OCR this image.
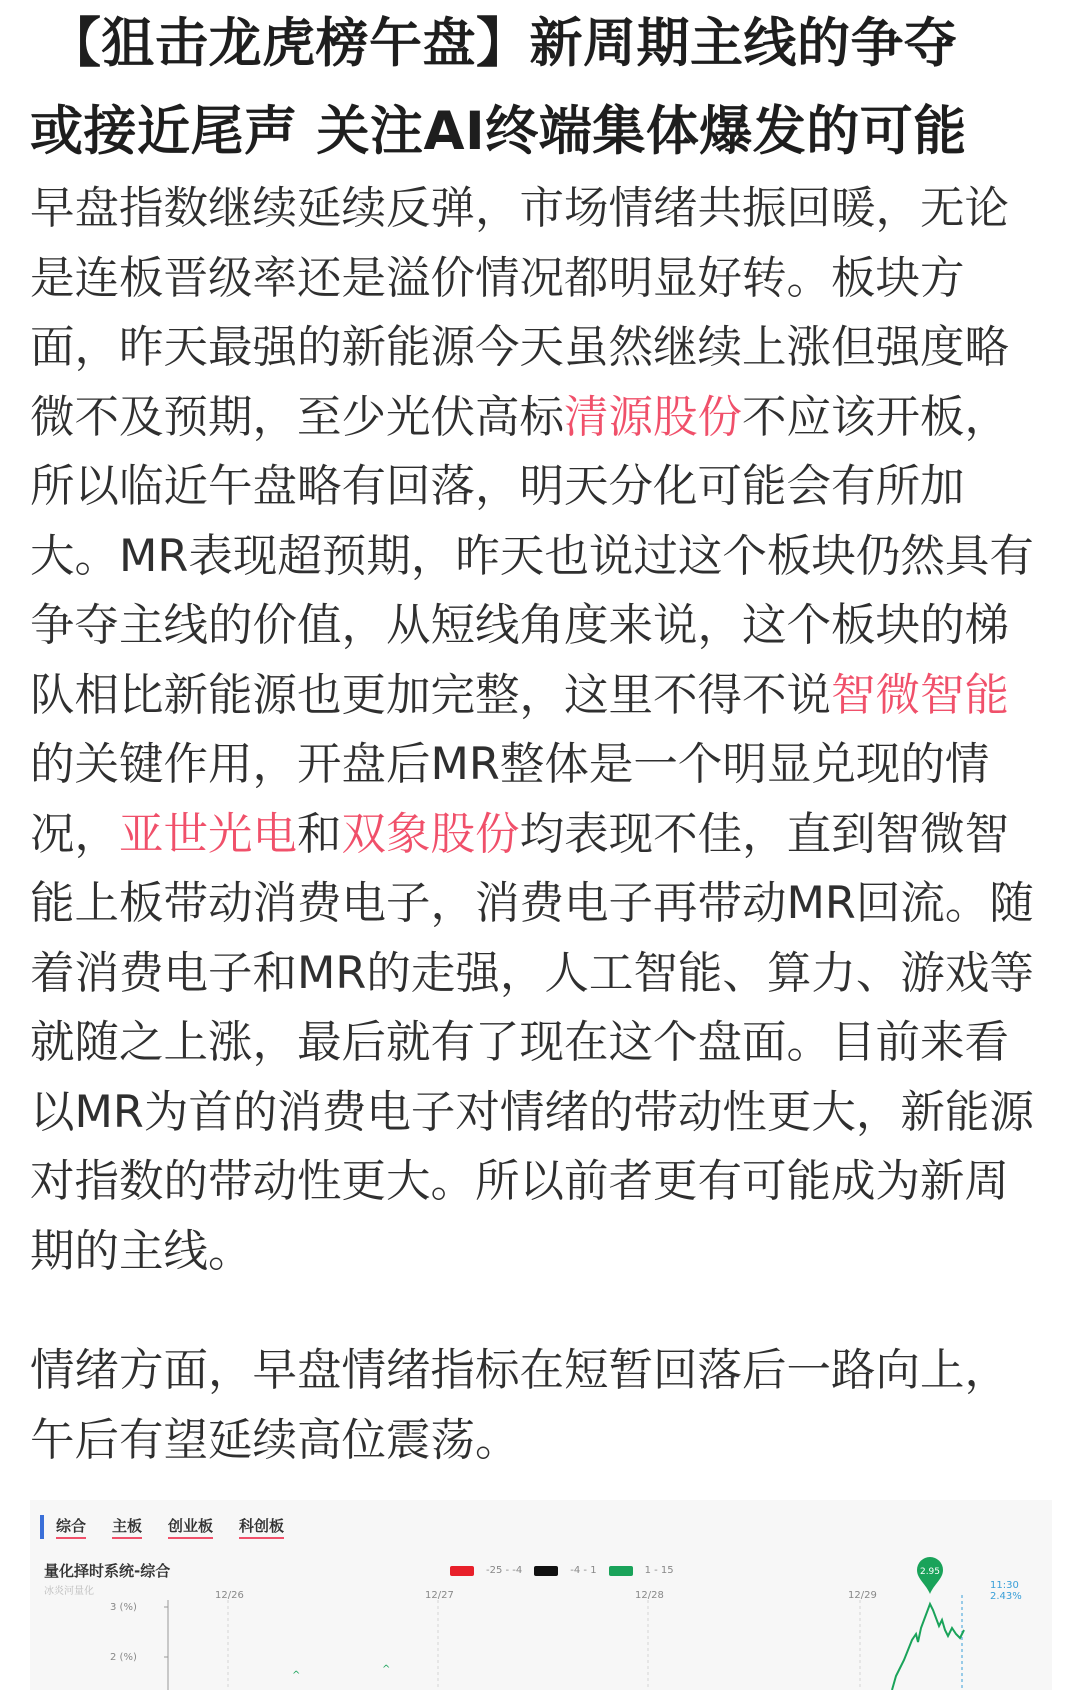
【狙击龙虎榜午盘】新周期主线的争夺
或接近尾声 关注AI终端集体爆发的可能

早盘指数继续延续反弹，市场情绪共振回暖，无论是连板晋级率还是溢价情况都明显好转。板块方面，昨天最强的新能源今天虽然继续上涨但强度略微不及预期，至少光伏高标清源股份不应该开板，所以临近午盘略有回落，明天分化可能会有所加大。MR表现超预期，昨天也说过这个板块仍然具有争夺主线的价值，从短线角度来说，这个板块的梯队相比新能源也更加完整，这里不得不说智微智能的关键作用，开盘后MR整体是一个明显兑现的情况，亚世光电和双象股份均表现不佳，直到智微智能上板带动消费电子，消费电子再带动MR回流。随着消费电子和MR的走强，人工智能、算力、游戏等就随之上涨，最后就有了现在这个盘面。目前来看以MR为首的消费电子对情绪的带动性更大，新能源对指数的带动性更大。所以前者更有可能成为新周期的主线。

情绪方面，早盘情绪指标在短暂回落后一路向上，午后有望延续高位震荡。

综合 主板 创业板 科创板
量化择时系统-综合
冰炎河量化
-25 - -4	-4 - 1	1 - 15
12/26	12/27	12/28	12/29
3 (%)
2 (%)
11:30
2.43%
2.95
^
^
